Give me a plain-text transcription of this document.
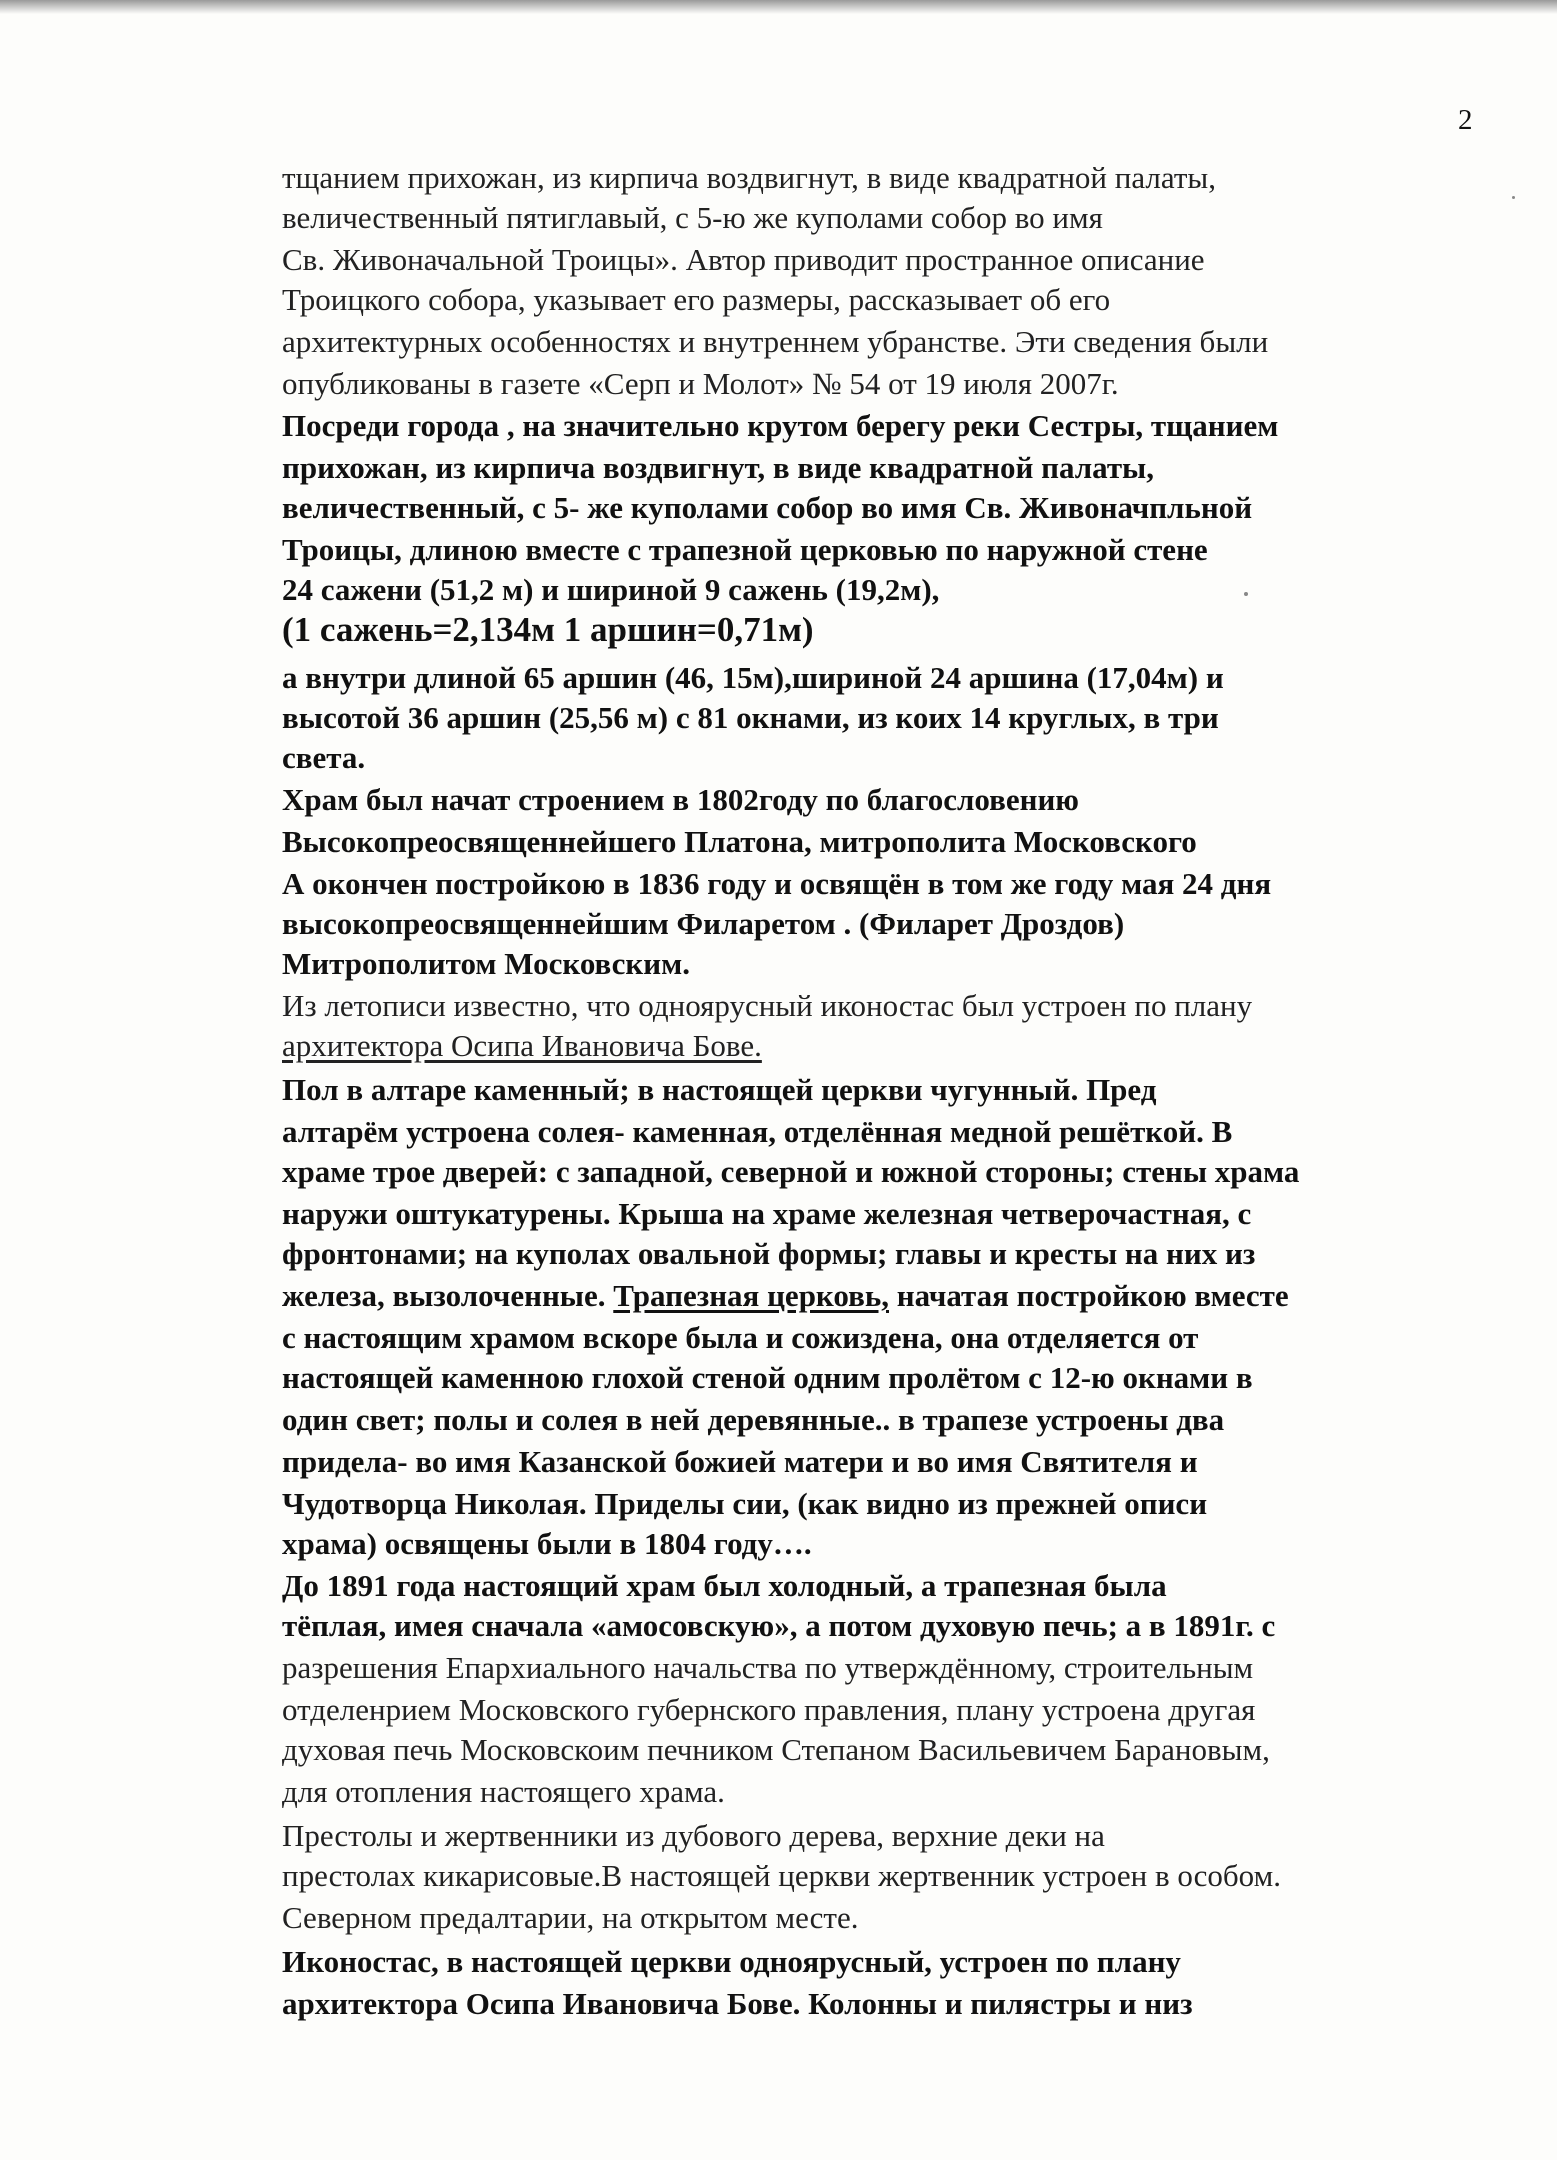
2
тщанием прихожан, из кирпича воздвигнут, в виде квадратной палаты,
величественный пятиглавый, с 5-ю же куполами собор во имя
Св. Живоначальной Троицы». Автор приводит пространное описание
Троицкого собора, указывает его размеры, рассказывает об его
архитектурных особенностях и внутреннем убранстве. Эти сведения были
опубликованы в газете «Серп и Молот» № 54 от 19 июля 2007г.
Посреди города , на значительно крутом берегу реки Сестры, тщанием
прихожан, из кирпича воздвигнут, в виде квадратной палаты,
величественный, с 5- же куполами собор во имя Св. Живоначпльной
Троицы, длиною вместе с трапезной церковью по наружной стене
24 сажени (51,2 м) и шириной 9 сажень (19,2м),
(1 сажень=2,134м 1 аршин=0,71м)
а внутри длиной 65 аршин (46, 15м),шириной 24 аршина (17,04м) и
высотой 36 аршин (25,56 м) с 81 окнами, из коих 14 круглых, в три
света.
Храм был начат строением в 1802году по благословению
Высокопреосвященнейшего Платона, митрополита Московского
А окончен постройкою в 1836 году и освящён в том же году мая 24 дня
высокопреосвященнейшим Филаретом . (Филарет Дроздов)
Митрополитом Московским.
Из летописи известно, что одноярусный иконостас был устроен по плану
архитектора Осипа Ивановича Бове.
Пол в алтаре каменный; в настоящей церкви чугунный. Пред
алтарём устроена солея- каменная, отделённая медной решёткой. В
храме трое дверей: с западной, северной и южной стороны; стены храма
наружи оштукатурены. Крыша на храме железная четверочастная, с
фронтонами; на куполах овальной формы; главы и кресты на них из
железа, вызолоченные. Трапезная церковь, начатая постройкою вместе
с настоящим храмом вскоре была и сожиздена, она отделяется от
настоящей каменною глохой стеной одним пролётом с 12-ю окнами в
один свет; полы и солея в ней деревянные.. в трапезе устроены два
придела- во имя Казанской божией матери и во имя Святителя и
Чудотворца Николая. Приделы сии, (как видно из прежней описи
храма) освящены были в 1804 году….
До 1891 года настоящий храм был холодный, а трапезная была
тёплая, имея сначала «амосовскую», а потом духовую печь; а в 1891г. с
разрешения Епархиального начальства по утверждённому, строительным
отделенрием Московского губернского правления, плану устроена другая
духовая печь Московскоим печником Степаном Васильевичем Барановым,
для отопления настоящего храма.
Престолы и жертвенники из дубового дерева, верхние деки на
престолах кикарисовые.В настоящей церкви жертвенник устроен в особом.
Северном предалтарии, на открытом месте.
Иконостас, в настоящей церкви одноярусный, устроен по плану
архитектора Осипа Ивановича Бове. Колонны и пилястры и низ
